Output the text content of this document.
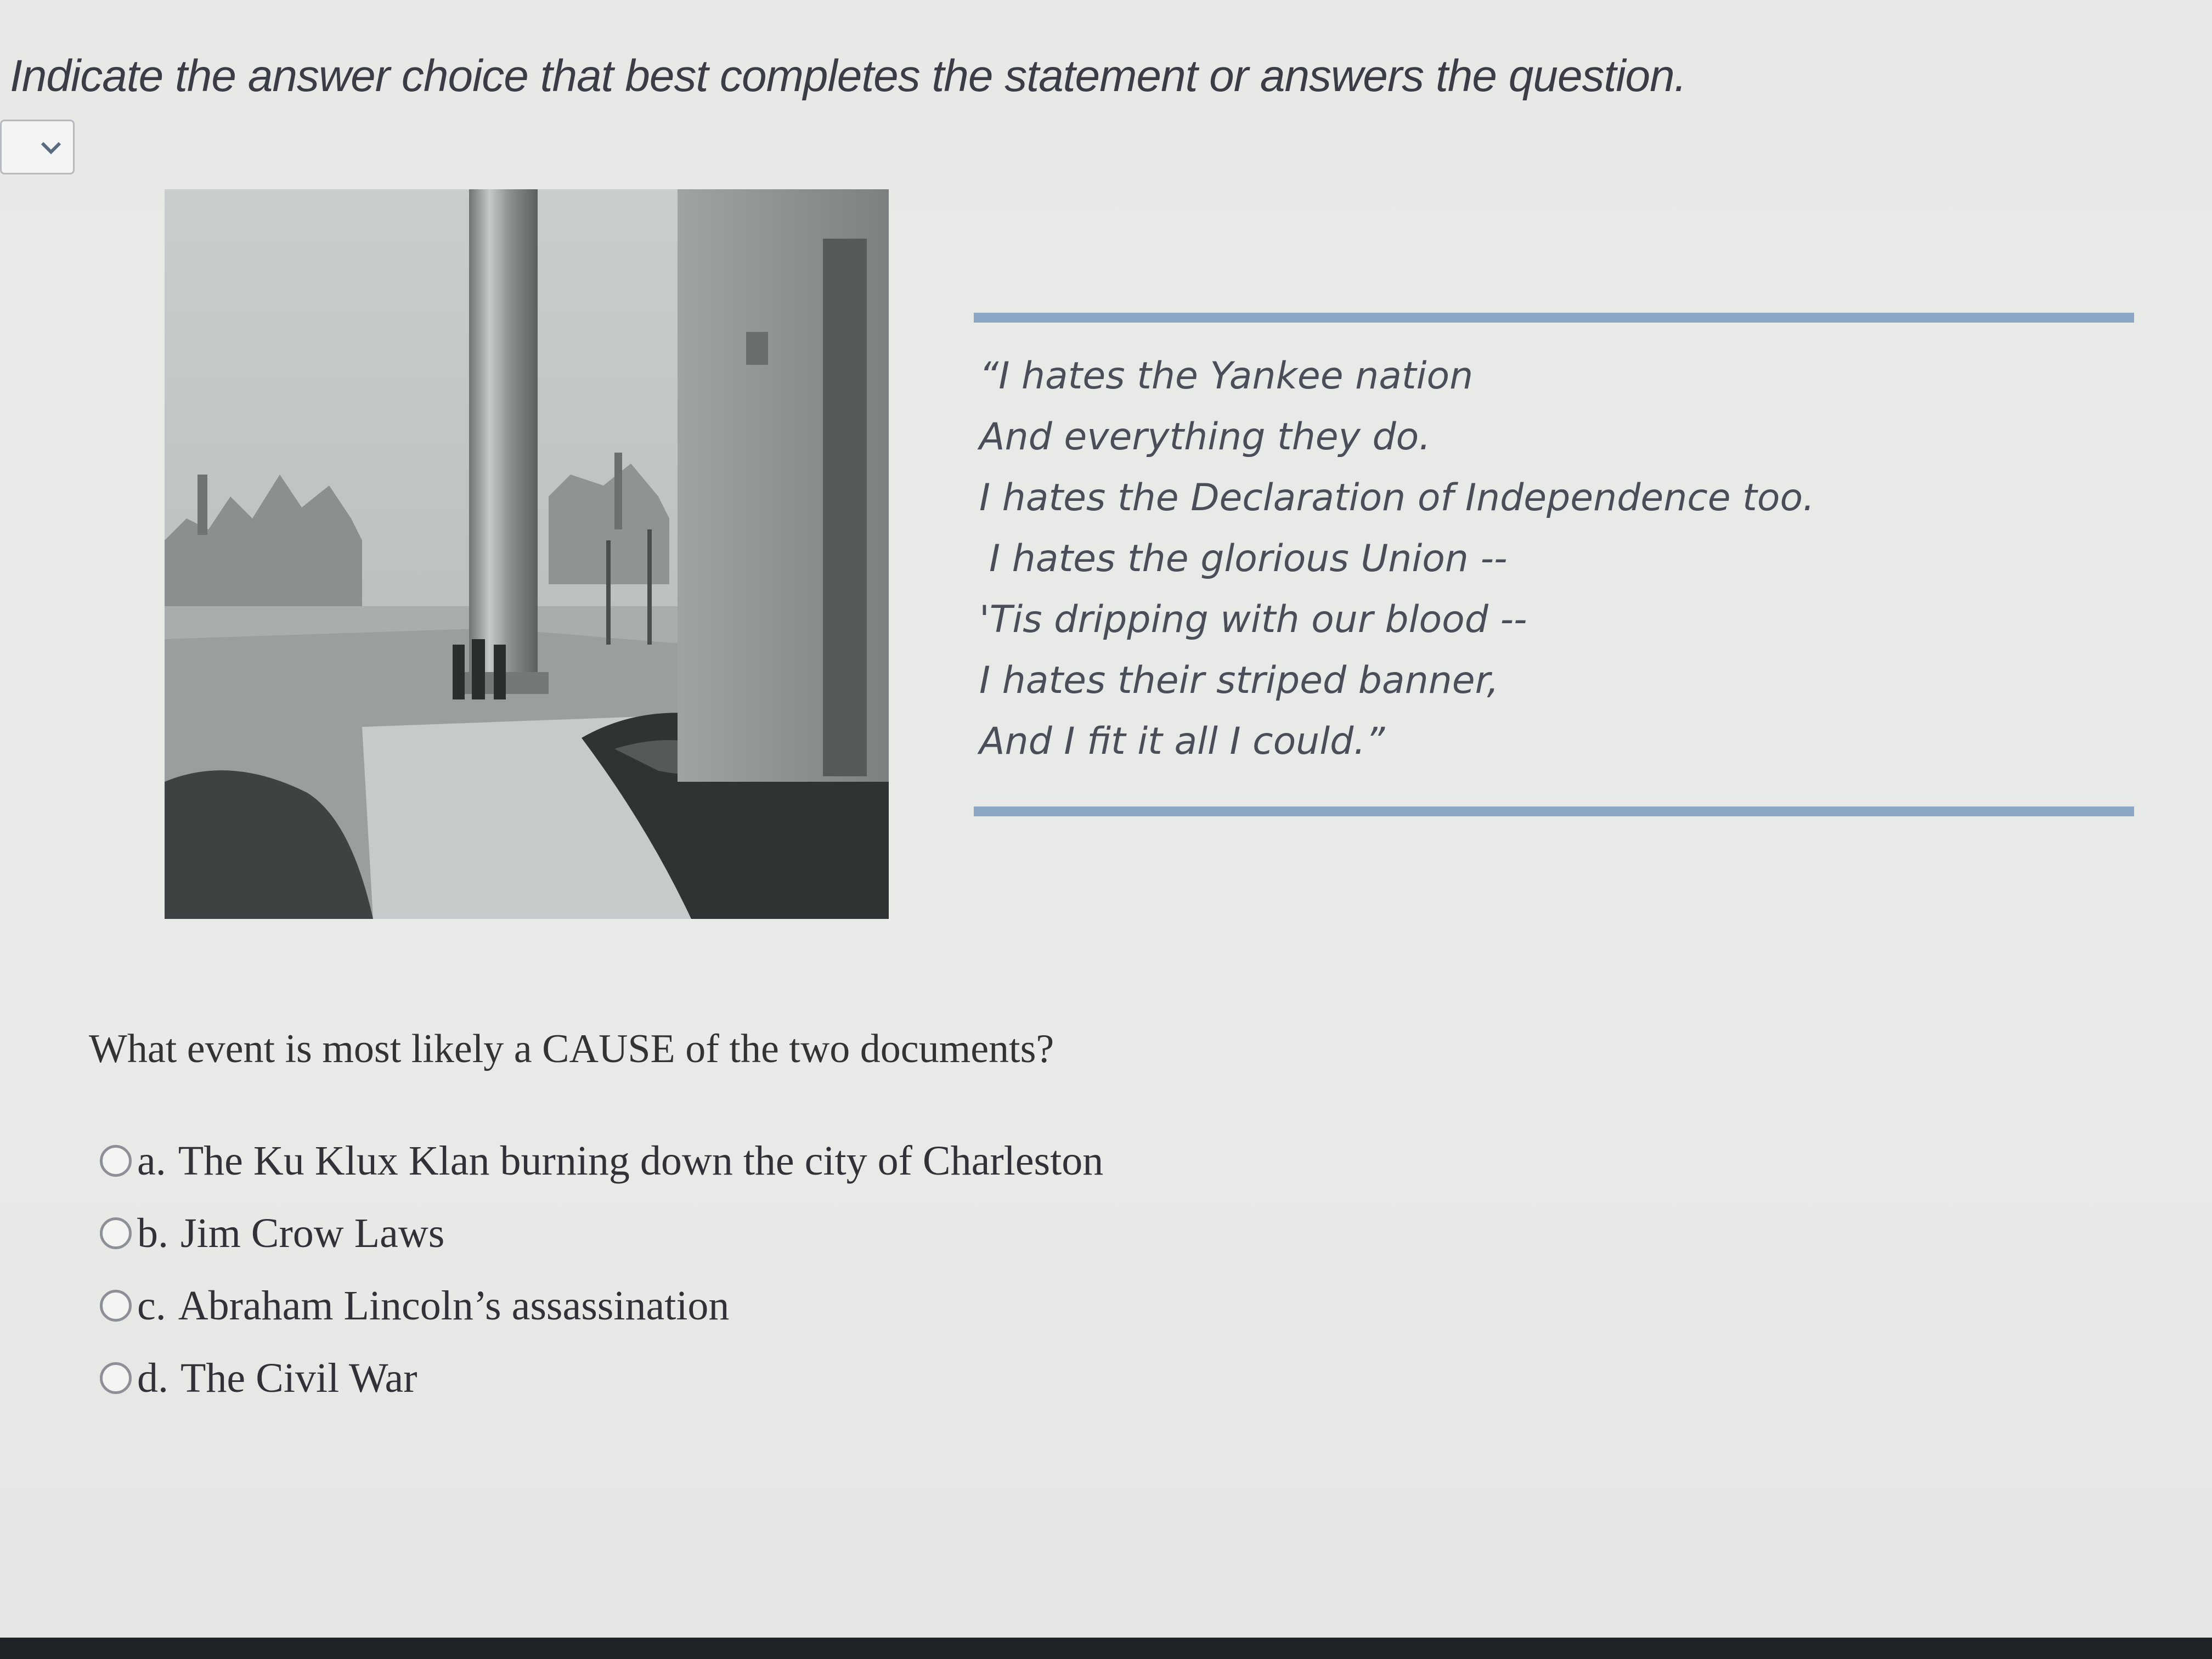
Indicate the answer choice that best completes the statement or answers the question.
“I hates the Yankee nation
And everything they do.
I hates the Declaration of Independence too.
I hates the glorious Union --
'Tis dripping with our blood --
I hates their striped banner,
And I fit it all I could.”
What event is most likely a CAUSE of the two documents?
a. The Ku Klux Klan burning down the city of Charleston
b. Jim Crow Laws
c. Abraham Lincoln’s assassination
d. The Civil War
